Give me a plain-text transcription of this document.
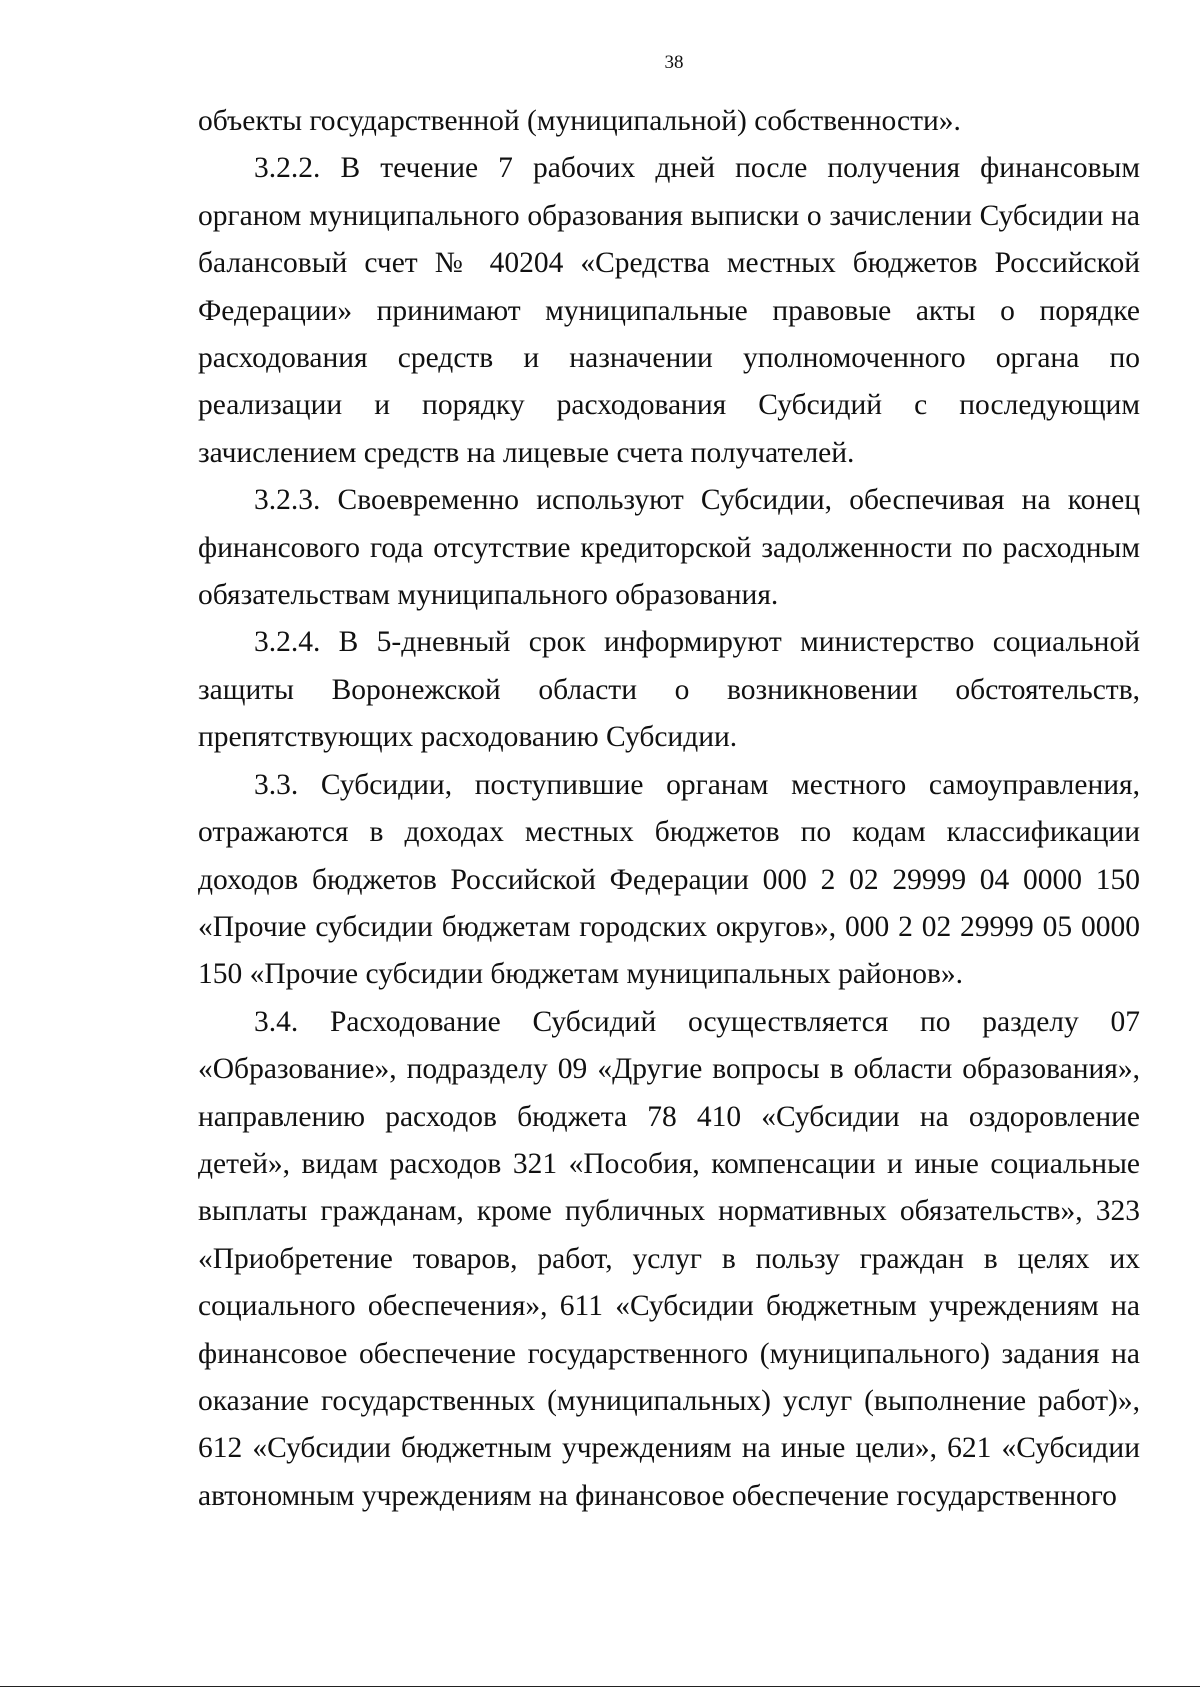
38

объекты государственной (муниципальной) собственности».

3.2.2. В течение 7 рабочих дней после получения финансовым органом муниципального образования выписки о зачислении Субсидии на балансовый счет № 40204 «Средства местных бюджетов Российской Федерации» принимают муниципальные правовые акты о порядке расходования средств и назначении уполномоченного органа по реализации и порядку расходования Субсидий с последующим зачислением средств на лицевые счета получателей.

3.2.3. Своевременно используют Субсидии, обеспечивая на конец финансового года отсутствие кредиторской задолженности по расходным обязательствам муниципального образования.

3.2.4. В 5-дневный срок информируют министерство социальной защиты Воронежской области о возникновении обстоятельств, препятствующих расходованию Субсидии.

3.3. Субсидии, поступившие органам местного самоуправления, отражаются в доходах местных бюджетов по кодам классификации доходов бюджетов Российской Федерации 000 2 02 29999 04 0000 150 «Прочие субсидии бюджетам городских округов», 000 2 02 29999 05 0000 150 «Прочие субсидии бюджетам муниципальных районов».

3.4. Расходование Субсидий осуществляется по разделу 07 «Образование», подразделу 09 «Другие вопросы в области образования», направлению расходов бюджета 78 410 «Субсидии на оздоровление детей», видам расходов 321 «Пособия, компенсации и иные социальные выплаты гражданам, кроме публичных нормативных обязательств», 323 «Приобретение товаров, работ, услуг в пользу граждан в целях их социального обеспечения», 611 «Субсидии бюджетным учреждениям на финансовое обеспечение государственного (муниципального) задания на оказание государственных (муниципальных) услуг (выполнение работ)», 612 «Субсидии бюджетным учреждениям на иные цели», 621 «Субсидии автономным учреждениям на финансовое обеспечение государственного
